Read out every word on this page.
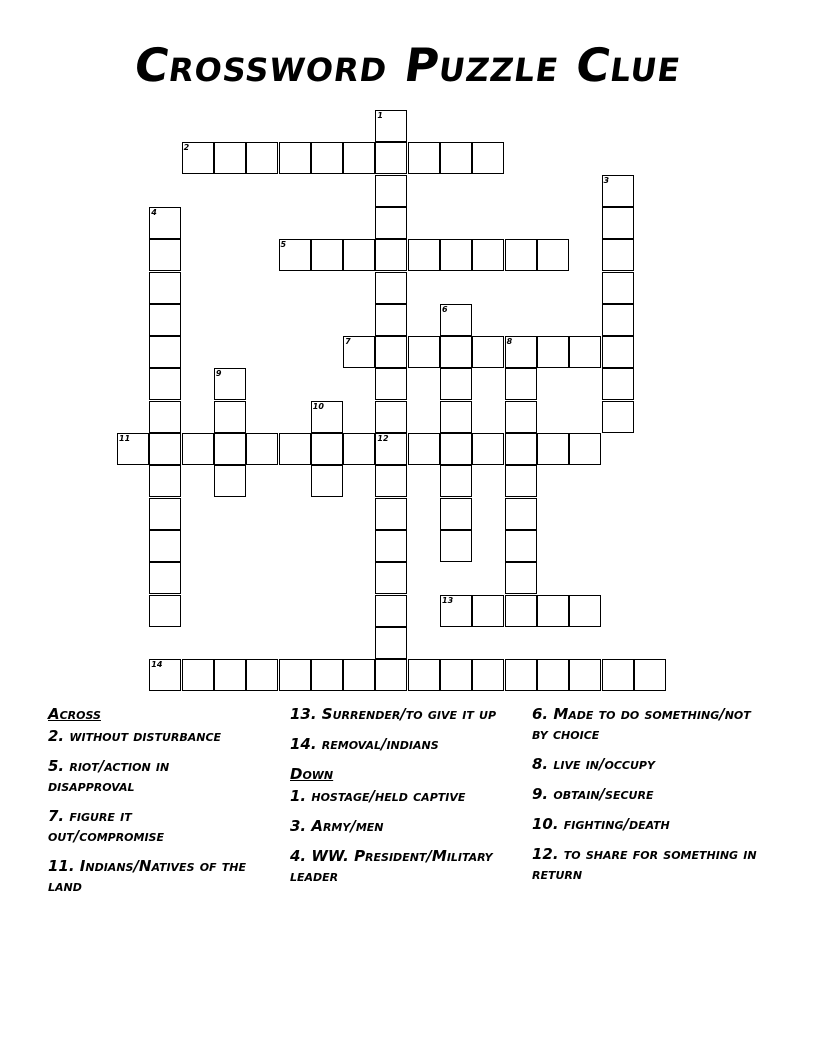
Crossword Puzzle Clue
1
2
3
4
5
6
7	8
9
10
11	12
13
14
Across
2. without disturbance
5. riot/action in disapproval
7. figure it out/compromise
11. Indians/Natives of the land
13. Surrender/to give it up
14. removal/indians
Down
1. hostage/held captive
3. Army/men
4. WW. President/Military leader
6. Made to do something/not by choice
8. live in/occupy
9. obtain/secure
10. fighting/death
12. to share for something in return
